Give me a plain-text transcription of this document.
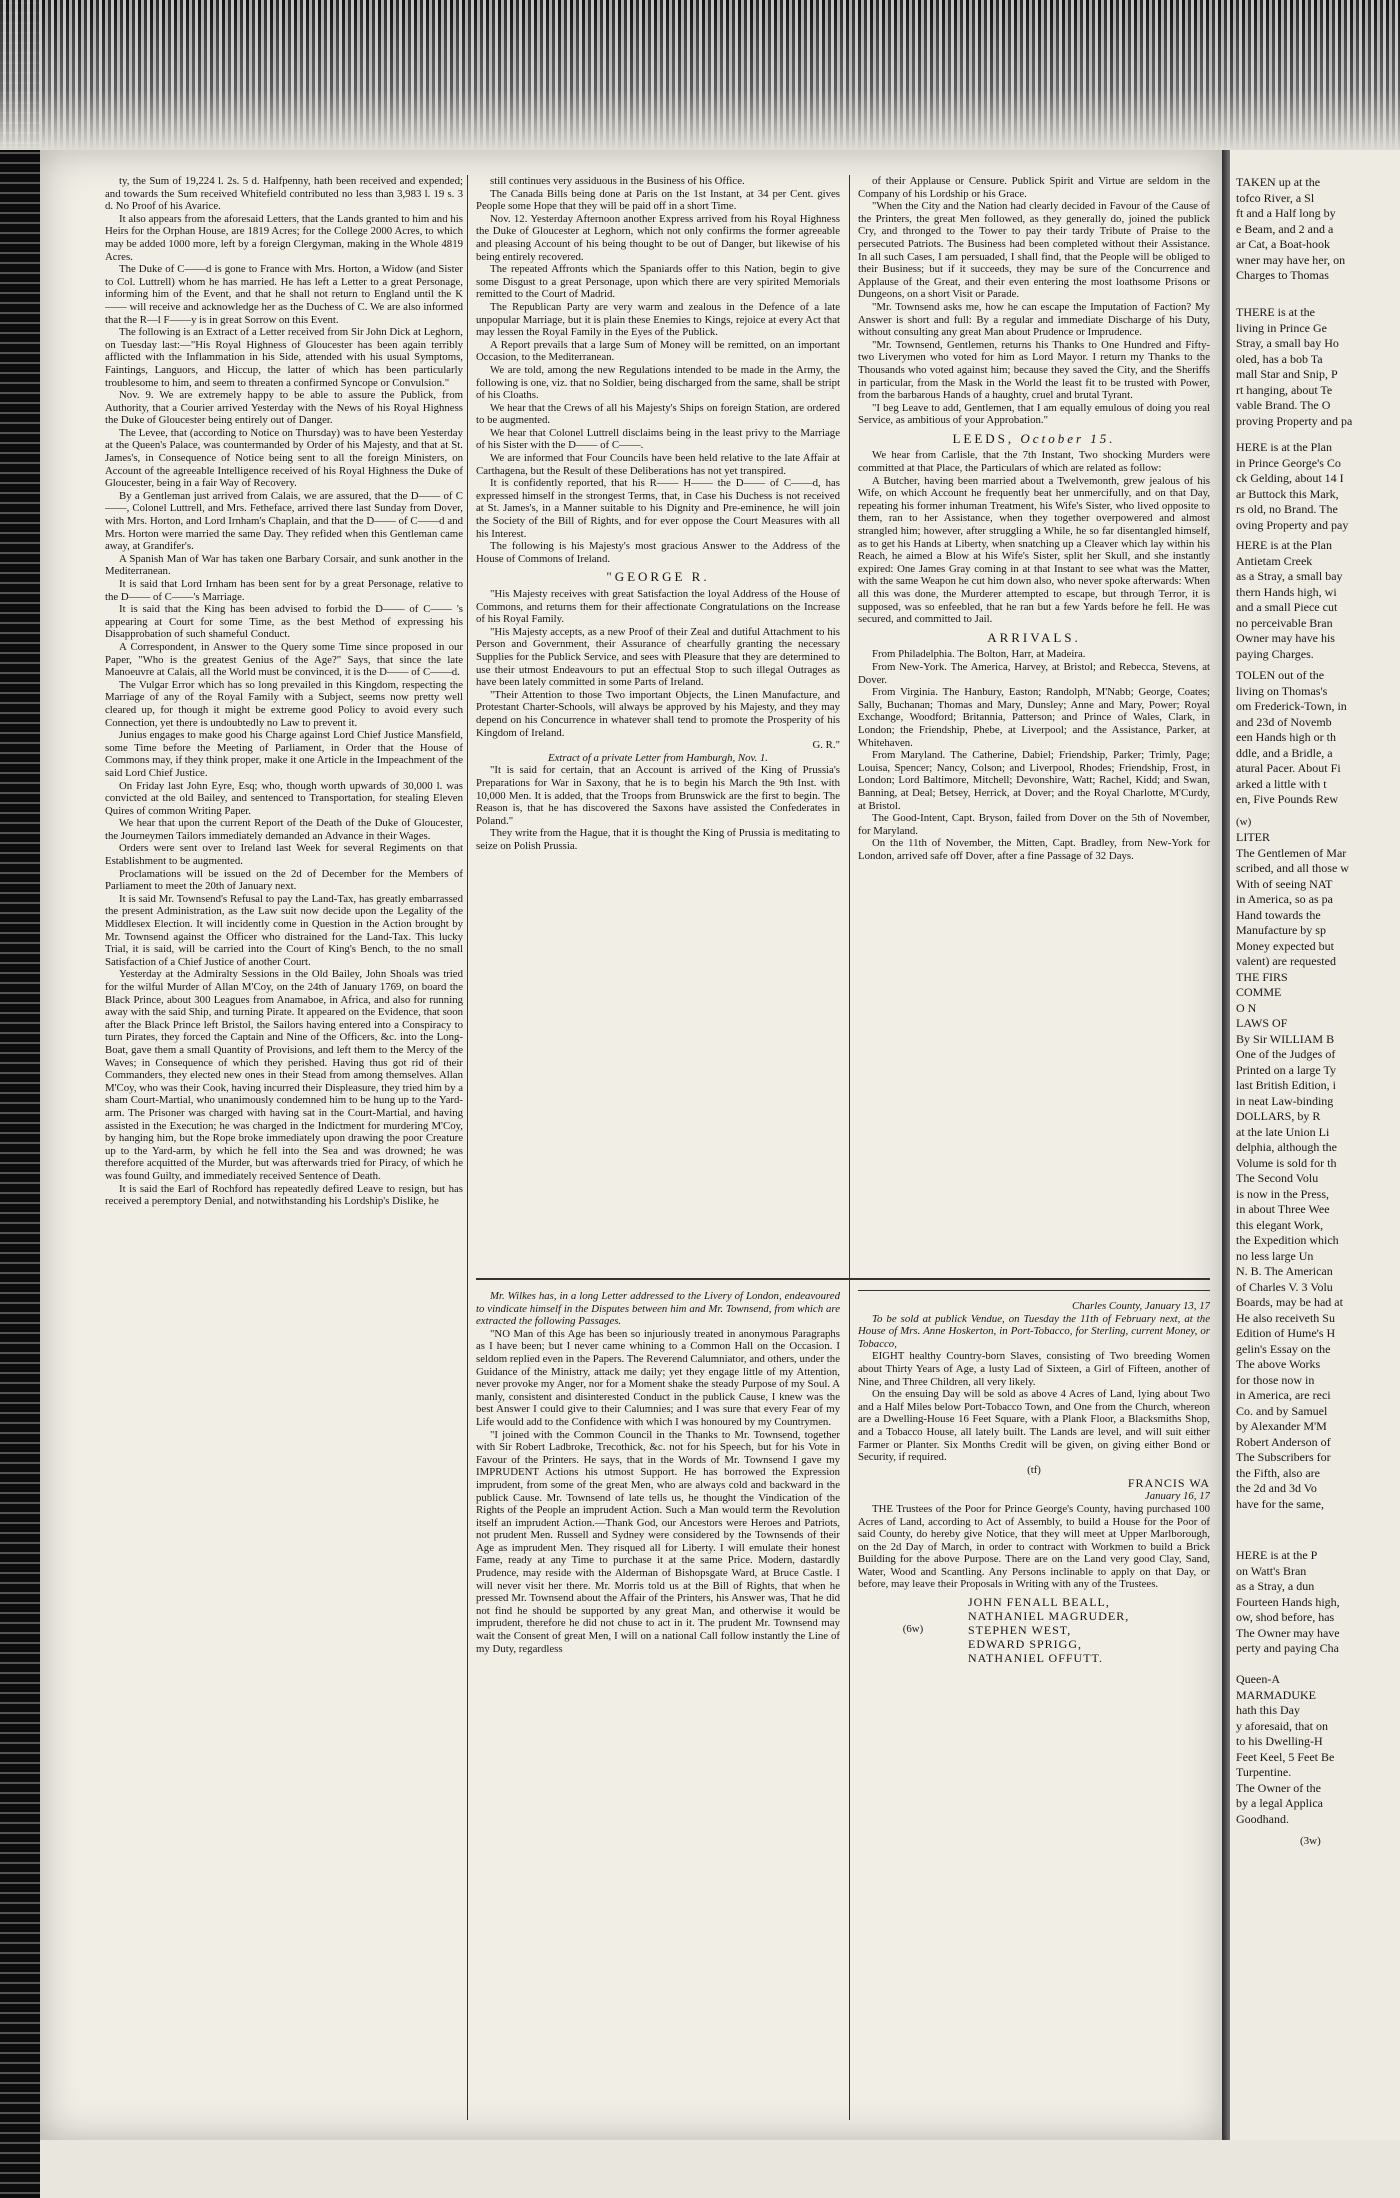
ty, the Sum of 19,224 l. 2s. 5 d. Halfpenny, hath been received and expended; and towards the Sum received Whitefield contributed no less than 3,983 l. 19 s. 3 d. No Proof of his Avarice.

It also appears from the aforesaid Letters, that the Lands granted to him and his Heirs for the Orphan House, are 1819 Acres; for the College 2000 Acres, to which may be added 1000 more, left by a foreign Clergyman, making in the Whole 4819 Acres.

The Duke of C——d is gone to France with Mrs. Horton, a Widow (and Sister to Col. Luttrell) whom he has married. He has left a Letter to a great Personage, informing him of the Event, and that he shall not return to England until the K—— will receive and acknowledge her as the Duchess of C. We are also informed that the R—l F——y is in great Sorrow on this Event.

The following is an Extract of a Letter received from Sir John Dick at Leghorn, on Tuesday last:—"His Royal Highness of Gloucester has been again terribly afflicted with the Inflammation in his Side, attended with his usual Symptoms, Faintings, Languors, and Hiccup, the latter of which has been particularly troublesome to him, and seem to threaten a confirmed Syncope or Convulsion."

Nov. 9. We are extremely happy to be able to assure the Publick, from Authority, that a Courier arrived Yesterday with the News of his Royal Highness the Duke of Gloucester being entirely out of Danger.

The Levee, that (according to Notice on Thursday) was to have been Yesterday at the Queen's Palace, was countermanded by Order of his Majesty, and that at St. James's, in Consequence of Notice being sent to all the foreign Ministers, on Account of the agreeable Intelligence received of his Royal Highness the Duke of Gloucester, being in a fair Way of Recovery.

By a Gentleman just arrived from Calais, we are assured, that the D—— of C——, Colonel Luttrell, and Mrs. Fetheface, arrived there last Sunday from Dover, with Mrs. Horton, and Lord Irnham's Chaplain, and that the D—— of C——d and Mrs. Horton were married the same Day. They refided when this Gentleman came away, at Grandifer's.

A Spanish Man of War has taken one Barbary Corsair, and sunk another in the Mediterranean.

It is said that Lord Irnham has been sent for by a great Personage, relative to the D—— of C——'s Marriage.

It is said that the King has been advised to forbid the D—— of C—— 's appearing at Court for some Time, as the best Method of expressing his Disapprobation of such shameful Conduct.

A Correspondent, in Answer to the Query some Time since proposed in our Paper, "Who is the greatest Genius of the Age?" Says, that since the late Manoeuvre at Calais, all the World must be convinced, it is the D—— of C——d.

The Vulgar Error which has so long prevailed in this Kingdom, respecting the Marriage of any of the Royal Family with a Subject, seems now pretty well cleared up, for though it might be extreme good Policy to avoid every such Connection, yet there is undoubtedly no Law to prevent it.

Junius engages to make good his Charge against Lord Chief Justice Mansfield, some Time before the Meeting of Parliament, in Order that the House of Commons may, if they think proper, make it one Article in the Impeachment of the said Lord Chief Justice.

On Friday last John Eyre, Esq; who, though worth upwards of 30,000 l. was convicted at the old Bailey, and sentenced to Transportation, for stealing Eleven Quires of common Writing Paper.

We hear that upon the current Report of the Death of the Duke of Gloucester, the Journeymen Tailors immediately demanded an Advance in their Wages.

Orders were sent over to Ireland last Week for several Regiments on that Establishment to be augmented.

Proclamations will be issued on the 2d of December for the Members of Parliament to meet the 20th of January next.

It is said Mr. Townsend's Refusal to pay the Land-Tax, has greatly embarrassed the present Administration, as the Law suit now decide upon the Legality of the Middlesex Election. It will incidently come in Question in the Action brought by Mr. Townsend against the Officer who distrained for the Land-Tax. This lucky Trial, it is said, will be carried into the Court of King's Bench, to the no small Satisfaction of a Chief Justice of another Court.

Yesterday at the Admiralty Sessions in the Old Bailey, John Shoals was tried for the wilful Murder of Allan M'Coy, on the 24th of January 1769, on board the Black Prince, about 300 Leagues from Anamaboe, in Africa, and also for running away with the said Ship, and turning Pirate. It appeared on the Evidence, that soon after the Black Prince left Bristol, the Sailors having entered into a Conspiracy to turn Pirates, they forced the Captain and Nine of the Officers, &c. into the Long-Boat, gave them a small Quantity of Provisions, and left them to the Mercy of the Waves; in Consequence of which they perished. Having thus got rid of their Commanders, they elected new ones in their Stead from among themselves. Allan M'Coy, who was their Cook, having incurred their Displeasure, they tried him by a sham Court-Martial, who unanimously condemned him to be hung up to the Yard-arm. The Prisoner was charged with having sat in the Court-Martial, and having assisted in the Execution; he was charged in the Indictment for murdering M'Coy, by hanging him, but the Rope broke immediately upon drawing the poor Creature up to the Yard-arm, by which he fell into the Sea and was drowned; he was therefore acquitted of the Murder, but was afterwards tried for Piracy, of which he was found Guilty, and immediately received Sentence of Death.

It is said the Earl of Rochford has repeatedly defired Leave to resign, but has received a peremptory Denial, and notwithstanding his Lordship's Dislike, he

still continues very assiduous in the Business of his Office.

The Canada Bills being done at Paris on the 1st Instant, at 34 per Cent. gives People some Hope that they will be paid off in a short Time.

Nov. 12. Yesterday Afternoon another Express arrived from his Royal Highness the Duke of Gloucester at Leghorn, which not only confirms the former agreeable and pleasing Account of his being thought to be out of Danger, but likewise of his being entirely recovered.

The repeated Affronts which the Spaniards offer to this Nation, begin to give some Disgust to a great Personage, upon which there are very spirited Memorials remitted to the Court of Madrid.

The Republican Party are very warm and zealous in the Defence of a late unpopular Marriage, but it is plain these Enemies to Kings, rejoice at every Act that may lessen the Royal Family in the Eyes of the Publick.

A Report prevails that a large Sum of Money will be remitted, on an important Occasion, to the Mediterranean.

We are told, among the new Regulations intended to be made in the Army, the following is one, viz. that no Soldier, being discharged from the same, shall be stript of his Cloaths.

We hear that the Crews of all his Majesty's Ships on foreign Station, are ordered to be augmented.

We hear that Colonel Luttrell disclaims being in the least privy to the Marriage of his Sister with the D—— of C——.

We are informed that Four Councils have been held relative to the late Affair at Carthagena, but the Result of these Deliberations has not yet transpired.

It is confidently reported, that his R—— H—— the D—— of C——d, has expressed himself in the strongest Terms, that, in Case his Duchess is not received at St. James's, in a Manner suitable to his Dignity and Pre-eminence, he will join the Society of the Bill of Rights, and for ever oppose the Court Measures with all his Interest.

The following is his Majesty's most gracious Answer to the Address of the House of Commons of Ireland.

"GEORGE R.

"His Majesty receives with great Satisfaction the loyal Address of the House of Commons, and returns them for their affectionate Congratulations on the Increase of his Royal Family.

"His Majesty accepts, as a new Proof of their Zeal and dutiful Attachment to his Person and Government, their Assurance of chearfully granting the necessary Supplies for the Publick Service, and sees with Pleasure that they are determined to use their utmost Endeavours to put an effectual Stop to such illegal Outrages as have been lately committed in some Parts of Ireland.

"Their Attention to those Two important Objects, the Linen Manufacture, and Protestant Charter-Schools, will always be approved by his Majesty, and they may depend on his Concurrence in whatever shall tend to promote the Prosperity of his Kingdom of Ireland.

G. R."

Extract of a private Letter from Hamburgh, Nov. 1.

"It is said for certain, that an Account is arrived of the King of Prussia's Preparations for War in Saxony, that he is to begin his March the 9th Inst. with 10,000 Men. It is added, that the Troops from Brunswick are the first to begin. The Reason is, that he has discovered the Saxons have assisted the Confederates in Poland."

They write from the Hague, that it is thought the King of Prussia is meditating to seize on Polish Prussia.

Mr. Wilkes has, in a long Letter addressed to the Livery of London, endeavoured to vindicate himself in the Disputes between him and Mr. Townsend, from which are extracted the following Passages.

"NO Man of this Age has been so injuriously treated in anonymous Paragraphs as I have been; but I never came whining to a Common Hall on the Occasion. I seldom replied even in the Papers. The Reverend Calumniator, and others, under the Guidance of the Ministry, attack me daily; yet they engage little of my Attention, never provoke my Anger, nor for a Moment shake the steady Purpose of my Soul. A manly, consistent and disinterested Conduct in the publick Cause, I knew was the best Answer I could give to their Calumnies; and I was sure that every Fear of my Life would add to the Confidence with which I was honoured by my Countrymen.

"I joined with the Common Council in the Thanks to Mr. Townsend, together with Sir Robert Ladbroke, Trecothick, &c. not for his Speech, but for his Vote in Favour of the Printers. He says, that in the Words of Mr. Townsend I gave my IMPRUDENT Actions his utmost Support. He has borrowed the Expression imprudent, from some of the great Men, who are always cold and backward in the publick Cause. Mr. Townsend of late tells us, he thought the Vindication of the Rights of the People an imprudent Action. Such a Man would term the Revolution itself an imprudent Action.—Thank God, our Ancestors were Heroes and Patriots, not prudent Men. Russell and Sydney were considered by the Townsends of their Age as imprudent Men. They risqued all for Liberty. I will emulate their honest Fame, ready at any Time to purchase it at the same Price. Modern, dastardly Prudence, may reside with the Alderman of Bishopsgate Ward, at Bruce Castle. I will never visit her there. Mr. Morris told us at the Bill of Rights, that when he pressed Mr. Townsend about the Affair of the Printers, his Answer was, That he did not find he should be supported by any great Man, and otherwise it would be imprudent, therefore he did not chuse to act in it. The prudent Mr. Townsend may wait the Consent of great Men, I will on a national Call follow instantly the Line of my Duty, regardless

of their Applause or Censure. Publick Spirit and Virtue are seldom in the Company of his Lordship or his Grace.

"When the City and the Nation had clearly decided in Favour of the Cause of the Printers, the great Men followed, as they generally do, joined the publick Cry, and thronged to the Tower to pay their tardy Tribute of Praise to the persecuted Patriots. The Business had been completed without their Assistance. In all such Cases, I am persuaded, I shall find, that the People will be obliged to their Business; but if it succeeds, they may be sure of the Concurrence and Applause of the Great, and their even entering the most loathsome Prisons or Dungeons, on a short Visit or Parade.

"Mr. Townsend asks me, how he can escape the Imputation of Faction? My Answer is short and full: By a regular and immediate Discharge of his Duty, without consulting any great Man about Prudence or Imprudence.

"Mr. Townsend, Gentlemen, returns his Thanks to One Hundred and Fifty-two Liverymen who voted for him as Lord Mayor. I return my Thanks to the Thousands who voted against him; because they saved the City, and the Sheriffs in particular, from the Mask in the World the least fit to be trusted with Power, from the barbarous Hands of a haughty, cruel and brutal Tyrant.

"I beg Leave to add, Gentlemen, that I am equally emulous of doing you real Service, as ambitious of your Approbation."

LEEDS, October 15.

We hear from Carlisle, that the 7th Instant, Two shocking Murders were committed at that Place, the Particulars of which are related as follow:

A Butcher, having been married about a Twelvemonth, grew jealous of his Wife, on which Account he frequently beat her unmercifully, and on that Day, repeating his former inhuman Treatment, his Wife's Sister, who lived opposite to them, ran to her Assistance, when they together overpowered and almost strangled him; however, after struggling a While, he so far disentangled himself, as to get his Hands at Liberty, when snatching up a Cleaver which lay within his Reach, he aimed a Blow at his Wife's Sister, split her Skull, and she instantly expired: One James Gray coming in at that Instant to see what was the Matter, with the same Weapon he cut him down also, who never spoke afterwards: When all this was done, the Murderer attempted to escape, but through Terror, it is supposed, was so enfeebled, that he ran but a few Yards before he fell. He was secured, and committed to Jail.

ARRIVALS.

From Philadelphia. The Bolton, Harr, at Madeira.

From New-York. The America, Harvey, at Bristol; and Rebecca, Stevens, at Dover.

From Virginia. The Hanbury, Easton; Randolph, M'Nabb; George, Coates; Sally, Buchanan; Thomas and Mary, Dunsley; Anne and Mary, Power; Royal Exchange, Woodford; Britannia, Patterson; and Prince of Wales, Clark, in London; the Friendship, Phebe, at Liverpool; and the Assistance, Parker, at Whitehaven.

From Maryland. The Catherine, Dabiel; Friendship, Parker; Trimly, Page; Louisa, Spencer; Nancy, Colson; and Liverpool, Rhodes; Friendship, Frost, in London; Lord Baltimore, Mitchell; Devonshire, Watt; Rachel, Kidd; and Swan, Banning, at Deal; Betsey, Herrick, at Dover; and the Royal Charlotte, M'Curdy, at Bristol.

The Good-Intent, Capt. Bryson, failed from Dover on the 5th of November, for Maryland.

On the 11th of November, the Mitten, Capt. Bradley, from New-York for London, arrived safe off Dover, after a fine Passage of 32 Days.

Charles County, January 13, 17

To be sold at publick Vendue, on Tuesday the 11th of February next, at the House of Mrs. Anne Hoskerton, in Port-Tobacco, for Sterling, current Money, or Tobacco,

EIGHT healthy Country-born Slaves, consisting of Two breeding Women about Thirty Years of Age, a lusty Lad of Sixteen, a Girl of Fifteen, another of Nine, and Three Children, all very likely.

On the ensuing Day will be sold as above 4 Acres of Land, lying about Two and a Half Miles below Port-Tobacco Town, and One from the Church, whereon are a Dwelling-House 16 Feet Square, with a Plank Floor, a Blacksmiths Shop, and a Tobacco House, all lately built. The Lands are level, and will suit either Farmer or Planter. Six Months Credit will be given, on giving either Bond or Security, if required.

(tf)

FRANCIS WA

January 16, 17

THE Trustees of the Poor for Prince George's County, having purchased 100 Acres of Land, according to Act of Assembly, to build a House for the Poor of said County, do hereby give Notice, that they will meet at Upper Marlborough, on the 2d Day of March, in order to contract with Workmen to build a Brick Building for the above Purpose. There are on the Land very good Clay, Sand, Water, Wood and Scantling. Any Persons inclinable to apply on that Day, or before, may leave their Proposals in Writing with any of the Trustees.

(6w)

JOHN FENALL BEALL,

NATHANIEL MAGRUDER,

STEPHEN WEST,

EDWARD SPRIGG,

NATHANIEL OFFUTT.

TAKEN up at the
tofco River, a Sl
ft and a Half long by
e Beam, and 2 and a
ar Cat, a Boat-hook
wner may have her, on
Charges to Thomas
THERE is at the
living in Prince Ge
Stray, a small bay Ho
oled, has a bob Ta
mall Star and Snip, P
rt hanging, about Te
vable Brand. The O
proving Property and pa
HERE is at the Plan
in Prince George's Co
ck Gelding, about 14 I
ar Buttock this Mark,
rs old, no Brand. The
oving Property and pay
HERE is at the Plan
Antietam Creek
as a Stray, a small bay
thern Hands high, wi
and a small Piece cut
no perceivable Bran
Owner may have his
paying Charges.
TOLEN out of the
living on Thomas's
om Frederick-Town, in
and 23d of Novemb
een Hands high or th
ddle, and a Bridle, a
atural Pacer. About Fi
arked a little with t
en, Five Pounds Rew
LITER
The Gentlemen of Mar
scribed, and all those w
With of seeing NAT
in America, so as pa
Hand towards the
Manufacture by sp
Money expected but
valent) are requested
THE FIRS
COMME
O N
LAWS OF
By Sir WILLIAM B
One of the Judges of
Printed on a large Ty
last British Edition, i
in neat Law-binding
DOLLARS, by R
at the late Union Li
delphia, although the
Volume is sold for th
The Second Volu
is now in the Press,
in about Three Wee
this elegant Work,
the Expedition which
no less large Un
N. B. The American
of Charles V. 3 Volu
Boards, may be had at
He also receiveth Su
Edition of Hume's H
gelin's Essay on the
The above Works
for those now in
in America, are reci
Co. and by Samuel
by Alexander M'M
Robert Anderson of
The Subscribers for
the Fifth, also are
the 2d and 3d Vo
have for the same,
HERE is at the P
on Watt's Bran
as a Stray, a dun
Fourteen Hands high,
ow, shod before, has
The Owner may have
perty and paying Cha
Queen-A
MARMADUKE
hath this Day
y aforesaid, that on
to his Dwelling-H
Feet Keel, 5 Feet Be
Turpentine.
The Owner of the
by a legal Applica
Goodhand.
(w)
(3w)
